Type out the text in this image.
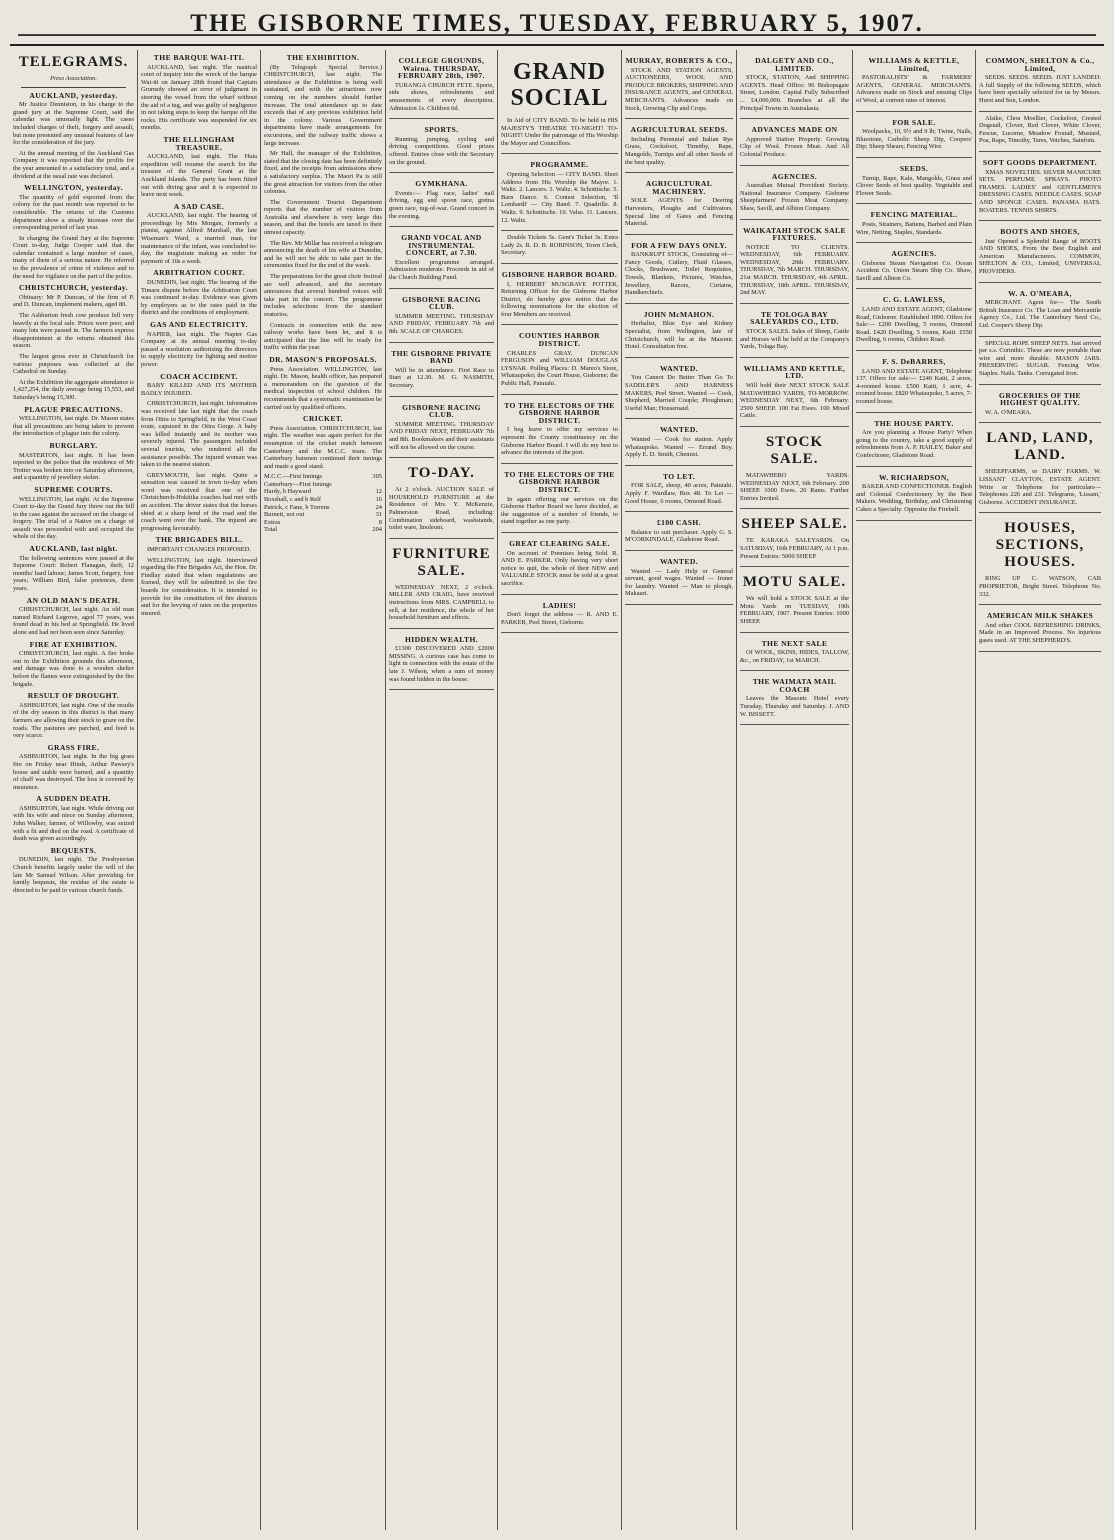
THE GISBORNE TIMES, TUESDAY, FEBRUARY 5, 1907.
TELEGRAMS.
Press Association.
AUCKLAND, yesterday.
Mr Justice Denniston, in his charge to the grand jury at the Supreme Court, said the calendar was unusually light. The cases included charges of theft, forgery and assault, but none presented any unusual features of law for the consideration of the jury.
At the annual meeting of the Auckland Gas Company it was reported that the profits for the year amounted to a satisfactory total, and a dividend at the usual rate was declared.
WELLINGTON, yesterday.
The quantity of gold exported from the colony for the past month was reported to be considerable. The returns of the Customs department show a steady increase over the corresponding period of last year.
In charging the Grand Jury at the Supreme Court to-day, Judge Cooper said that the calendar contained a large number of cases, many of them of a serious nature. He referred to the prevalence of crime of violence and to the need for vigilance on the part of the police.
CHRISTCHURCH, yesterday.
Obituary: Mr P. Duncan, of the firm of P. and D. Duncan, implement makers, aged 80.
The Ashburton fresh cow produce fell very heavily at the local sale. Prices were poor, and many lots were passed in. The farmers express disappointment at the returns obtained this season.
The largest gross ever in Christchurch for various purposes was collected at the Cathedral on Sunday.
At the Exhibition the aggregate attendance is 1,427,254, the daily average being 15,553, and Saturday's being 15,300.
PLAGUE PRECAUTIONS.
WELLINGTON, last night. Dr. Mason states that all precautions are being taken to prevent the introduction of plague into the colony.
BURGLARY.
MASTERTON, last night. It has been reported to the police that the residence of Mr Trotter was broken into on Saturday afternoon, and a quantity of jewellery stolen.
SUPREME COURTS.
WELLINGTON, last night. At the Supreme Court to-day the Grand Jury threw out the bill in the case against the accused on the charge of forgery. The trial of a Native on a charge of assault was proceeded with and occupied the whole of the day.
AUCKLAND, last night.
The following sentences were passed at the Supreme Court: Robert Flanagan, theft, 12 months' hard labour; James Scott, forgery, four years; William Bird, false pretences, three years.
AN OLD MAN'S DEATH.
CHRISTCHURCH, last night. An old man named Richard Legrove, aged 77 years, was found dead in his bed at Springfield. He lived alone and had not been seen since Saturday.
FIRE AT EXHIBITION.
CHRISTCHURCH, last night. A fire broke out in the Exhibition grounds this afternoon, and damage was done to a wooden shelter before the flames were extinguished by the fire brigade.
RESULT OF DROUGHT.
ASHBURTON, last night. One of the results of the dry season in this district is that many farmers are allowing their stock to graze on the roads. The pastures are parched, and feed is very scarce.
GRASS FIRE.
ASHBURTON, last night. In the big grass fire on Friday near Hinds, Arthur Pawsey's house and stable were burned, and a quantity of chaff was destroyed. The loss is covered by insurance.
A SUDDEN DEATH.
ASHBURTON, last night. While driving out with his wife and niece on Sunday afternoon, John Walker, farmer, of Willowby, was seized with a fit and died on the road. A certificate of death was given accordingly.
BEQUESTS.
DUNEDIN, last night. The Presbyterian Church benefits largely under the will of the late Mr Samuel Wilson. After providing for family bequests, the residue of the estate is directed to be paid to various church funds.
THE BARQUE WAI-ITI.
AUCKLAND, last night. The nautical court of inquiry into the wreck of the barque Wai-iti on January 28th found that Captain Grumsdy showed an error of judgment in steering the vessel from the wharf without the aid of a tug, and was guilty of negligence in not taking steps to keep the barque off the rocks. His certificate was suspended for six months.
THE ELLINGHAM TREASURE.
AUCKLAND, last night. The Huia expedition will resume the search for the treasure of the General Grant at the Auckland Islands. The party has been fitted out with diving gear and it is expected to leave next week.
A SAD CASE.
AUCKLAND, last night. The hearing of proceedings by Mrs Morgan, formerly a pianist, against Alfred Marshall, the late Wiseman's Ward, a married man, for maintenance of the infant, was concluded to-day, the magistrate making an order for payment of 10s a week.
ARBITRATION COURT.
DUNEDIN, last night. The hearing of the Timaru dispute before the Arbitration Court was continued to-day. Evidence was given by employers as to the rates paid in the district and the conditions of employment.
GAS AND ELECTRICITY.
NAPIER, last night. The Napier Gas Company at its annual meeting to-day passed a resolution authorising the directors to supply electricity for lighting and motive power.
COACH ACCIDENT.
BABY KILLED AND ITS MOTHER BADLY INJURED.
CHRISTCHURCH, last night. Information was received late last night that the coach from Otira to Springfield, in the West Coast route, capsized in the Otira Gorge. A baby was killed instantly and its mother was severely injured. The passengers included several tourists, who rendered all the assistance possible. The injured woman was taken to the nearest station.
GREYMOUTH, last night. Quite a sensation was caused in town to-day when word was received that one of the Christchurch-Hokitika coaches had met with an accident. The driver states that the horses shied at a sharp bend of the road and the coach went over the bank. The injured are progressing favourably.
THE BRIGADES BILL.
IMPORTANT CHANGES PROPOSED.
WELLINGTON, last night. Interviewed regarding the Fire Brigades Act, the Hon. Dr. Findlay stated that when regulations are framed, they will be submitted to the fire boards for consideration. It is intended to provide for the constitution of fire districts and for the levying of rates on the properties insured.
THE EXHIBITION.
(By Telegraph Special Service.) CHRISTCHURCH, last night. The attendance at the Exhibition is being well sustained, and with the attractions now coming on the numbers should further increase. The total attendance up to date exceeds that of any previous exhibition held in the colony. Various Government departments have made arrangements for excursions, and the railway traffic shows a large increase.
Mr Hall, the manager of the Exhibition, stated that the closing date has been definitely fixed, and the receipts from admissions show a satisfactory surplus. The Maori Pa is still the great attraction for visitors from the other colonies.
The Government Tourist Department reports that the number of visitors from Australia and elsewhere is very large this season, and that the hotels are taxed to their utmost capacity.
The Rev. Mr Millar has received a telegram announcing the death of his wife at Dunedin, and he will not be able to take part in the ceremonies fixed for the end of the week.
The preparations for the great choir festival are well advanced, and the secretary announces that several hundred voices will take part in the concert. The programme includes selections from the standard oratorios.
Contracts in connection with the new railway works have been let, and it is anticipated that the line will be ready for traffic within the year.
DR. MASON'S PROPOSALS.
Press Association. WELLINGTON, last night. Dr. Mason, health officer, has prepared a memorandum on the question of the medical inspection of school children. He recommends that a systematic examination be carried out by qualified officers.
CRICKET.
Press Association. CHRISTCHURCH, last night. The weather was again perfect for the resumption of the cricket match between Canterbury and the M.C.C. team. The Canterbury batsmen continued their innings and made a good stand.
M.C.C.—First Innings	305
Canterbury—First Innings
Hardy, b Hayward	12
Boxshall, c and b Relf	16
Patrick, c Fane, b Torrens	24
Burnett, not out	31
Extras	8
Total	204
COLLEGE GROUNDS, Wairoa. THURSDAY, FEBRUARY 28th, 1907.
TURANGA CHURCH FETE. Sports, side shows, refreshments and amusements of every description. Admission 1s. Children 6d.
SPORTS.
Running, jumping, cycling and driving competitions. Good prizes offered. Entries close with the Secretary on the ground.
GYMKHANA.
Events:— Flag race, ladies' nail driving, egg and spoon race, gretna green race, tug-of-war. Grand concert in the evening.
GRAND VOCAL AND INSTRUMENTAL CONCERT, at 7.30.
Excellent programme arranged. Admission moderate. Proceeds in aid of the Church Building Fund.
GISBORNE RACING CLUB.
SUMMER MEETING. THURSDAY AND FRIDAY, FEBRUARY 7th and 8th. SCALE OF CHARGES.
THE GISBORNE PRIVATE BAND
Will be in attendance. First Race to Start at 12.30. M. G. NASMITH, Secretary.
GISBORNE RACING CLUB.
SUMMER MEETING. THURSDAY AND FRIDAY NEXT, FEBRUARY 7th and 8th. Bookmakers and their assistants will not be allowed on the course.
TO-DAY.
At 2 o'clock. AUCTION SALE of HOUSEHOLD FURNITURE at the Residence of Mrs. Y. McKenzie, Palmerston Road, including: Combination sideboard, washstands, toilet ware, linoleum.
FURNITURE SALE.
WEDNESDAY NEXT, 2 o'clock. MILLER AND CRAIG, have received instructions from MRS. CAMPBELL to sell, at her residence, the whole of her household furniture and effects.
HIDDEN WEALTH.
£1300 DISCOVERED AND £2000 MISSING. A curious case has come to light in connection with the estate of the late J. Wilson, when a sum of money was found hidden in the house.
GRAND SOCIAL
In Aid of CITY BAND. To be held in HIS MAJESTY'S THEATRE TO-NIGHT! TO-NIGHT! Under the patronage of His Worship the Mayor and Councillors.
PROGRAMME.
Opening Selection — CITY BAND. Short Address from His Worship the Mayor. 1. Waltz. 2. Lancers. 3. Waltz. 4. Schottische. 5. Barn Dance. 6. Contest Selection, 'Il Lombardi' — City Band. 7. Quadrille. 8. Waltz. 9. Schottische. 10. Valse. 11. Lancers. 12. Waltz.
Double Tickets 5s. Gent's Ticket 3s. Extra Lady 2s. R. D. B. ROBINSON, Town Clerk, Secretary.
GISBORNE HARBOR BOARD.
I, HERBERT MUSGRAVE POTTER, Returning Officer for the Gisborne Harbor District, do hereby give notice that the following nominations for the election of four Members are received.
COUNTIES HARBOR DISTRICT.
CHARLES GRAY. DUNCAN FERGUSON and WILLIAM DOUGLAS LYSNAR. Polling Places: D. Mareo's Store, Whataupoko; the Court House, Gisborne; the Public Hall, Patutahi.
TO THE ELECTORS OF THE GISBORNE HARBOR DISTRICT.
I beg leave to offer my services to represent the County constituency on the Gisborne Harbor Board. I will do my best to advance the interests of the port.
TO THE ELECTORS OF THE GISBORNE HARBOR DISTRICT.
In again offering our services on the Gisborne Harbor Board we have decided, at the suggestion of a number of friends, to stand together as one party.
GREAT CLEARING SALE.
On account of Premises being Sold. R. AND E. PARKER. Only having very short notice to quit, the whole of their NEW and VALUABLE STOCK must be sold at a great sacrifice.
LADIES!
Don't forget the address — R. AND E. PARKER, Peel Street, Gisborne.
MURRAY, ROBERTS & CO.,
STOCK AND STATION AGENTS, AUCTIONEERS, WOOL AND PRODUCE BROKERS, SHIPPING AND INSURANCE AGENTS, and GENERAL MERCHANTS. Advances made on Stock, Growing Clip and Crops.
AGRICULTURAL SEEDS.
Including Perennial and Italian Rye Grass, Cocksfoot, Timothy, Rape, Mangolds, Turnips and all other Seeds of the best quality.
AGRICULTURAL MACHINERY.
SOLE AGENTS for Deering Harvesters, Ploughs and Cultivators. Special line of Gates and Fencing Material.
FOR A FEW DAYS ONLY.
BANKRUPT STOCK, Consisting of— Fancy Goods, Cutlery, Fluid Glasses, Clocks, Brushware, Toilet Requisites, Towels, Blankets, Pictures, Watches, Jewellery, Razors, Curtains, Handkerchiefs.
JOHN McMAHON.
Herbalist, Blue Eye and Kidney Specialist, from Wellington, late of Christchurch, will be at the Masonic Hotel. Consultation free.
WANTED.
You Cannot Do Better Than Go To SADDLER'S AND HARNESS MAKERS, Peel Street. Wanted — Cook, Shepherd, Married Couple; Ploughman; Useful Man; Housemaid.
WANTED.
Wanted — Cook for station. Apply Whataupoko. Wanted — Errand Boy. Apply E. D. Smith, Chemist.
TO LET.
FOR SALE, sheep, 40 acres, Patutahi. Apply F. Wardlaw, Box 48. To Let — Good House, 6 rooms, Ormond Road.
£100 CASH.
Balance to suit purchaser. Apply G. S. M'CORKINDALE, Gladstone Road.
WANTED.
Wanted — Lady Help or General servant, good wages. Wanted — Ironer for laundry. Wanted — Man to plough, Makauri.
DALGETY AND CO., LIMITED.
STOCK, STATION, And SHIPPING AGENTS. Head Office: 96 Bishopsgate Street, London. Capital Fully Subscribed ... £4,000,000. Branches at all the Principal Towns in Australasia.
ADVANCES MADE ON
Approved Station Property. Growing Clip of Wool. Frozen Meat. And All Colonial Produce.
AGENCIES.
Australian Mutual Provident Society. National Insurance Company. Gisborne Sheepfarmers' Frozen Meat Company. Shaw, Savill, and Albion Company.
WAIKATAHI STOCK SALE FIXTURES.
NOTICE TO CLIENTS. WEDNESDAY, 6th FEBRUARY. WEDNESDAY, 20th FEBRUARY. THURSDAY, 7th MARCH. THURSDAY, 21st MARCH. THURSDAY, 4th APRIL. THURSDAY, 18th APRIL. THURSDAY, 2nd MAY.
TE TOLOGA BAY SALEYARDS CO., LTD.
STOCK SALES. Sales of Sheep, Cattle and Horses will be held at the Company's Yards, Tolaga Bay.
WILLIAMS AND KETTLE, LTD.
Will hold their NEXT STOCK SALE MATAWHERO YARDS, TO-MORROW. WEDNESDAY NEXT, 6th February. 2500 SHEEP. 100 Fat Ewes. 100 Mixed Cattle.
STOCK SALE.
MATAWHERO YARDS. WEDNESDAY NEXT, 6th February. 200 SHEEP. 1000 Ewes. 20 Rams. Further Entries Invited.
SHEEP SALE.
TE KARAKA SALEYARDS. On SATURDAY, 16th FEBRUARY, At 1 p.m. Present Entries: 5000 SHEEP.
MOTU SALE.
We will hold a STOCK SALE at the Motu Yards on TUESDAY, 19th FEBRUARY, 1907. Present Entries: 1000 SHEEP.
THE NEXT SALE
Of WOOL, SKINS, HIDES, TALLOW, &c., on FRIDAY, 1st MARCH.
THE WAIMATA MAIL COACH
Leaves the Masonic Hotel every Tuesday, Thursday and Saturday. J. AND W. BISSETT.
WILLIAMS & KETTLE, Limited,
PASTORALISTS' & FARMERS' AGENTS, GENERAL MERCHANTS. Advances made on Stock and ensuing Clips of Wool, at current rates of interest.
FOR SALE.
Woolpacks, 10, 9½ and 9 lb; Twine, Nails, Bluestone, Carbolic Sheep Dip, Coopers' Dip; Sheep Shears; Fencing Wire.
SEEDS.
Turnip, Rape, Kale, Mangolds, Grass and Clover Seeds of best quality. Vegetable and Flower Seeds.
FENCING MATERIAL.
Posts, Strainers, Battens, Barbed and Plain Wire, Netting, Staples, Standards.
AGENCIES.
Gisborne Steam Navigation Co. Ocean Accident Co. Union Steam Ship Co. Shaw, Savill and Albion Co.
C. G. LAWLESS,
LAND AND ESTATE AGENT, Gladstone Road, Gisborne. Established 1890. Offers for Sale:— £200 Dwelling, 5 rooms, Ormond Road. £420 Dwelling, 5 rooms, Kaiti. £550 Dwelling, 6 rooms, Childers Road.
F. S. DeBARRES,
LAND AND ESTATE AGENT, Telephone 137. Offers for sale:— £240 Kaiti, 2 acres, 4-roomed house. £500 Kaiti, 1 acre, 4-roomed house. £820 Whataupoko, 5 acres, 7-roomed house.
THE HOUSE PARTY.
Are you planning a House Party? When going to the country, take a good supply of refreshments from A. P. HAILEY, Baker and Confectioner, Gladstone Road.
W. RICHARDSON,
BAKER AND CONFECTIONER. English and Colonial Confectionery by the Best Makers. Wedding, Birthday, and Christening Cakes a Specialty. Opposite the Firebell.
COMMON, SHELTON & Co., Limited,
SEEDS. SEEDS. SEEDS. JUST LANDED: A full Supply of the following SEEDS, which have been specially selected for us by Messrs. Hurst and Son, London.
Alsike, Chou Moellier, Cocksfoot, Crested Dogstail, Clover, Red Clover, White Clover, Fescue, Lucerne, Meadow Foxtail, Mustard, Poa, Rape, Timothy, Tares, Vetches, Sainfoin.
SOFT GOODS DEPARTMENT.
XMAS NOVELTIES. SILVER MANICURE SETS. PERFUME SPRAYS. PHOTO FRAMES. LADIES' and GENTLEMEN'S DRESSING CASES. NEEDLE CASES. SOAP AND SPONGE CASES. PANAMA HATS. BOATERS. TENNIS SHIRTS.
BOOTS AND SHOES,
Just Opened a Splendid Range of BOOTS AND SHOES, From the Best English and American Manufacturers. COMMON, SHELTON & CO., Limited, UNIVERSAL PROVIDERS.
W. A. O'MEARA,
MERCHANT. Agent for— The South British Insurance Co. The Loan and Mercantile Agency Co., Ltd. The Canterbury Seed Co., Ltd. Cooper's Sheep Dip.
SPECIAL ROPE SHEEP NETS. Just arrived per s.s. Corinthic. These are now portable than wire and more durable. MASON JARS. PRESERVING SUGAR. Fencing Wire. Staples. Nails. Tanks. Corrugated Iron.
GROCERIES OF THE HIGHEST QUALITY.
W. A. O'MEARA.
LAND, LAND, LAND.
SHEEPFARMS, or DAIRY FARMS. W. LISSANT CLAYTON, ESTATE AGENT. Write or Telephone for particulars— Telephones 226 and 231. Telegrams, 'Lissant,' Gisborne. ACCIDENT INSURANCE.
HOUSES, SECTIONS, HOUSES.
RING UP C. WATSON, CAB PROPRIETOR, Bright Street. Telephone No. 332.
AMERICAN MILK SHAKES
And other COOL REFRESHING DRINKS, Made in an Improved Process. No injurious gases used. AT THE SHEPHERD'S.
